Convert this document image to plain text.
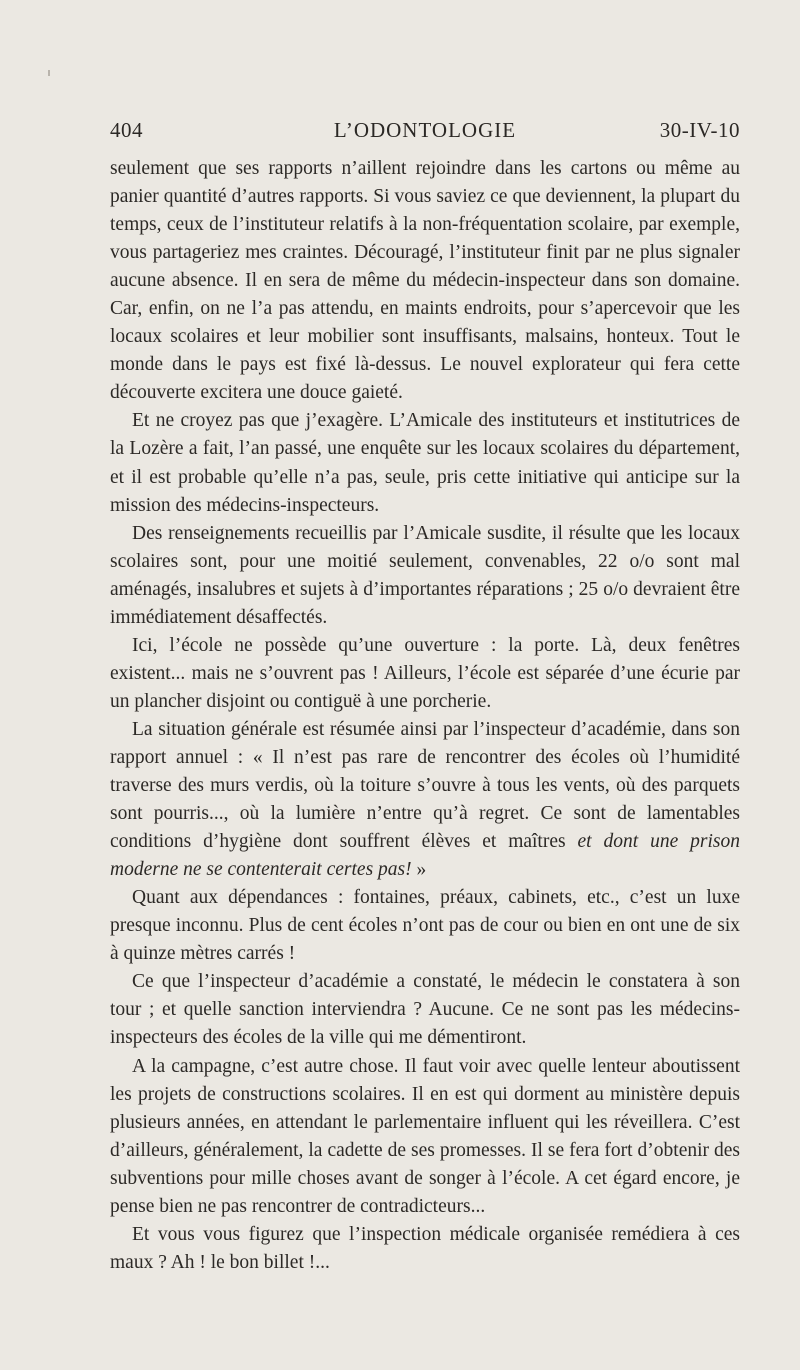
404	L’ODONTOLOGIE	30-IV-10

seulement que ses rapports n’aillent rejoindre dans les cartons ou même au panier quantité d’autres rapports. Si vous saviez ce que deviennent, la plupart du temps, ceux de l’instituteur relatifs à la non-fréquentation scolaire, par exemple, vous partageriez mes craintes. Découragé, l’instituteur finit par ne plus signaler aucune absence. Il en sera de même du médecin-inspecteur dans son domaine. Car, enfin, on ne l’a pas attendu, en maints endroits, pour s’apercevoir que les locaux scolaires et leur mobilier sont insuffisants, malsains, honteux. Tout le monde dans le pays est fixé là-dessus. Le nouvel explorateur qui fera cette découverte excitera une douce gaieté.

Et ne croyez pas que j’exagère. L’Amicale des instituteurs et institutrices de la Lozère a fait, l’an passé, une enquête sur les locaux scolaires du département, et il est probable qu’elle n’a pas, seule, pris cette initiative qui anticipe sur la mission des médecins-inspecteurs.

Des renseignements recueillis par l’Amicale susdite, il résulte que les locaux scolaires sont, pour une moitié seulement, convenables, 22 o/o sont mal aménagés, insalubres et sujets à d’importantes réparations ; 25 o/o devraient être immédiatement désaffectés.

Ici, l’école ne possède qu’une ouverture : la porte. Là, deux fenêtres existent... mais ne s’ouvrent pas ! Ailleurs, l’école est séparée d’une écurie par un plancher disjoint ou contiguë à une porcherie.

La situation générale est résumée ainsi par l’inspecteur d’académie, dans son rapport annuel : « Il n’est pas rare de rencontrer des écoles où l’humidité traverse des murs verdis, où la toiture s’ouvre à tous les vents, où des parquets sont pourris..., où la lumière n’entre qu’à regret. Ce sont de lamentables conditions d’hygiène dont souffrent élèves et maîtres et dont une prison moderne ne se contenterait certes pas! »

Quant aux dépendances : fontaines, préaux, cabinets, etc., c’est un luxe presque inconnu. Plus de cent écoles n’ont pas de cour ou bien en ont une de six à quinze mètres carrés !

Ce que l’inspecteur d’académie a constaté, le médecin le constatera à son tour ; et quelle sanction interviendra ? Aucune. Ce ne sont pas les médecins-inspecteurs des écoles de la ville qui me démentiront.

A la campagne, c’est autre chose. Il faut voir avec quelle lenteur aboutissent les projets de constructions scolaires. Il en est qui dorment au ministère depuis plusieurs années, en attendant le parlementaire influent qui les réveillera. C’est d’ailleurs, généralement, la cadette de ses promesses. Il se fera fort d’obtenir des subventions pour mille choses avant de songer à l’école. A cet égard encore, je pense bien ne pas rencontrer de contradicteurs...

Et vous vous figurez que l’inspection médicale organisée remédiera à ces maux ? Ah ! le bon billet !...
